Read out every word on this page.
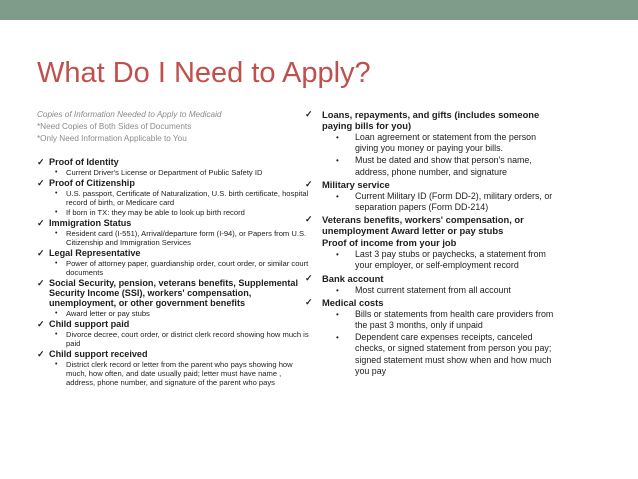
What Do I Need to Apply?
Copies of Information Needed to Apply to Medicaid
*Need Copies of Both Sides of Documents
*Only Need Information Applicable to You
✓ Proof of Identity
• Current Driver's License or Department of Public Safety ID
✓ Proof of Citizenship
• U.S. passport, Certificate of Naturalization, U.S. birth certificate, hospital record of birth, or Medicare card
• If born in TX: they may be able to look up birth record
✓ Immigration Status
• Resident card (I-551), Arrival/departure form (I-94), or Papers from U.S. Citizenship and Immigration Services
✓ Legal Representative
• Power of attorney paper, guardianship order, court order, or similar court documents
✓ Social Security, pension, veterans benefits, Supplemental Security Income (SSI), workers' compensation, unemployment, or other government benefits
• Award letter or pay stubs
✓ Child support paid
• Divorce decree, court order, or district clerk record showing how much is paid
✓ Child support received
• District clerk record or letter from the parent who pays showing how much, how often, and date usually paid; letter must have name , address, phone number, and signature of the parent who pays
✓ Loans, repayments, and gifts (includes someone paying bills for you)
• Loan agreement or statement from the person giving you money or paying your bills.
• Must be dated and show that person's name, address, phone number, and signature
✓ Military service
• Current Military ID (Form DD-2), military orders, or separation papers (Form DD-214)
✓ Veterans benefits, workers' compensation, or unemployment Award letter or pay stubs
Proof of income from your job
• Last 3 pay stubs or paychecks, a statement from your employer, or self-employment record
✓ Bank account
• Most current statement from all account
✓ Medical costs
• Bills or statements from health care providers from the past 3 months, only if unpaid
• Dependent care expenses receipts, canceled checks, or signed statement from person you pay; signed statement must show when and how much you pay
